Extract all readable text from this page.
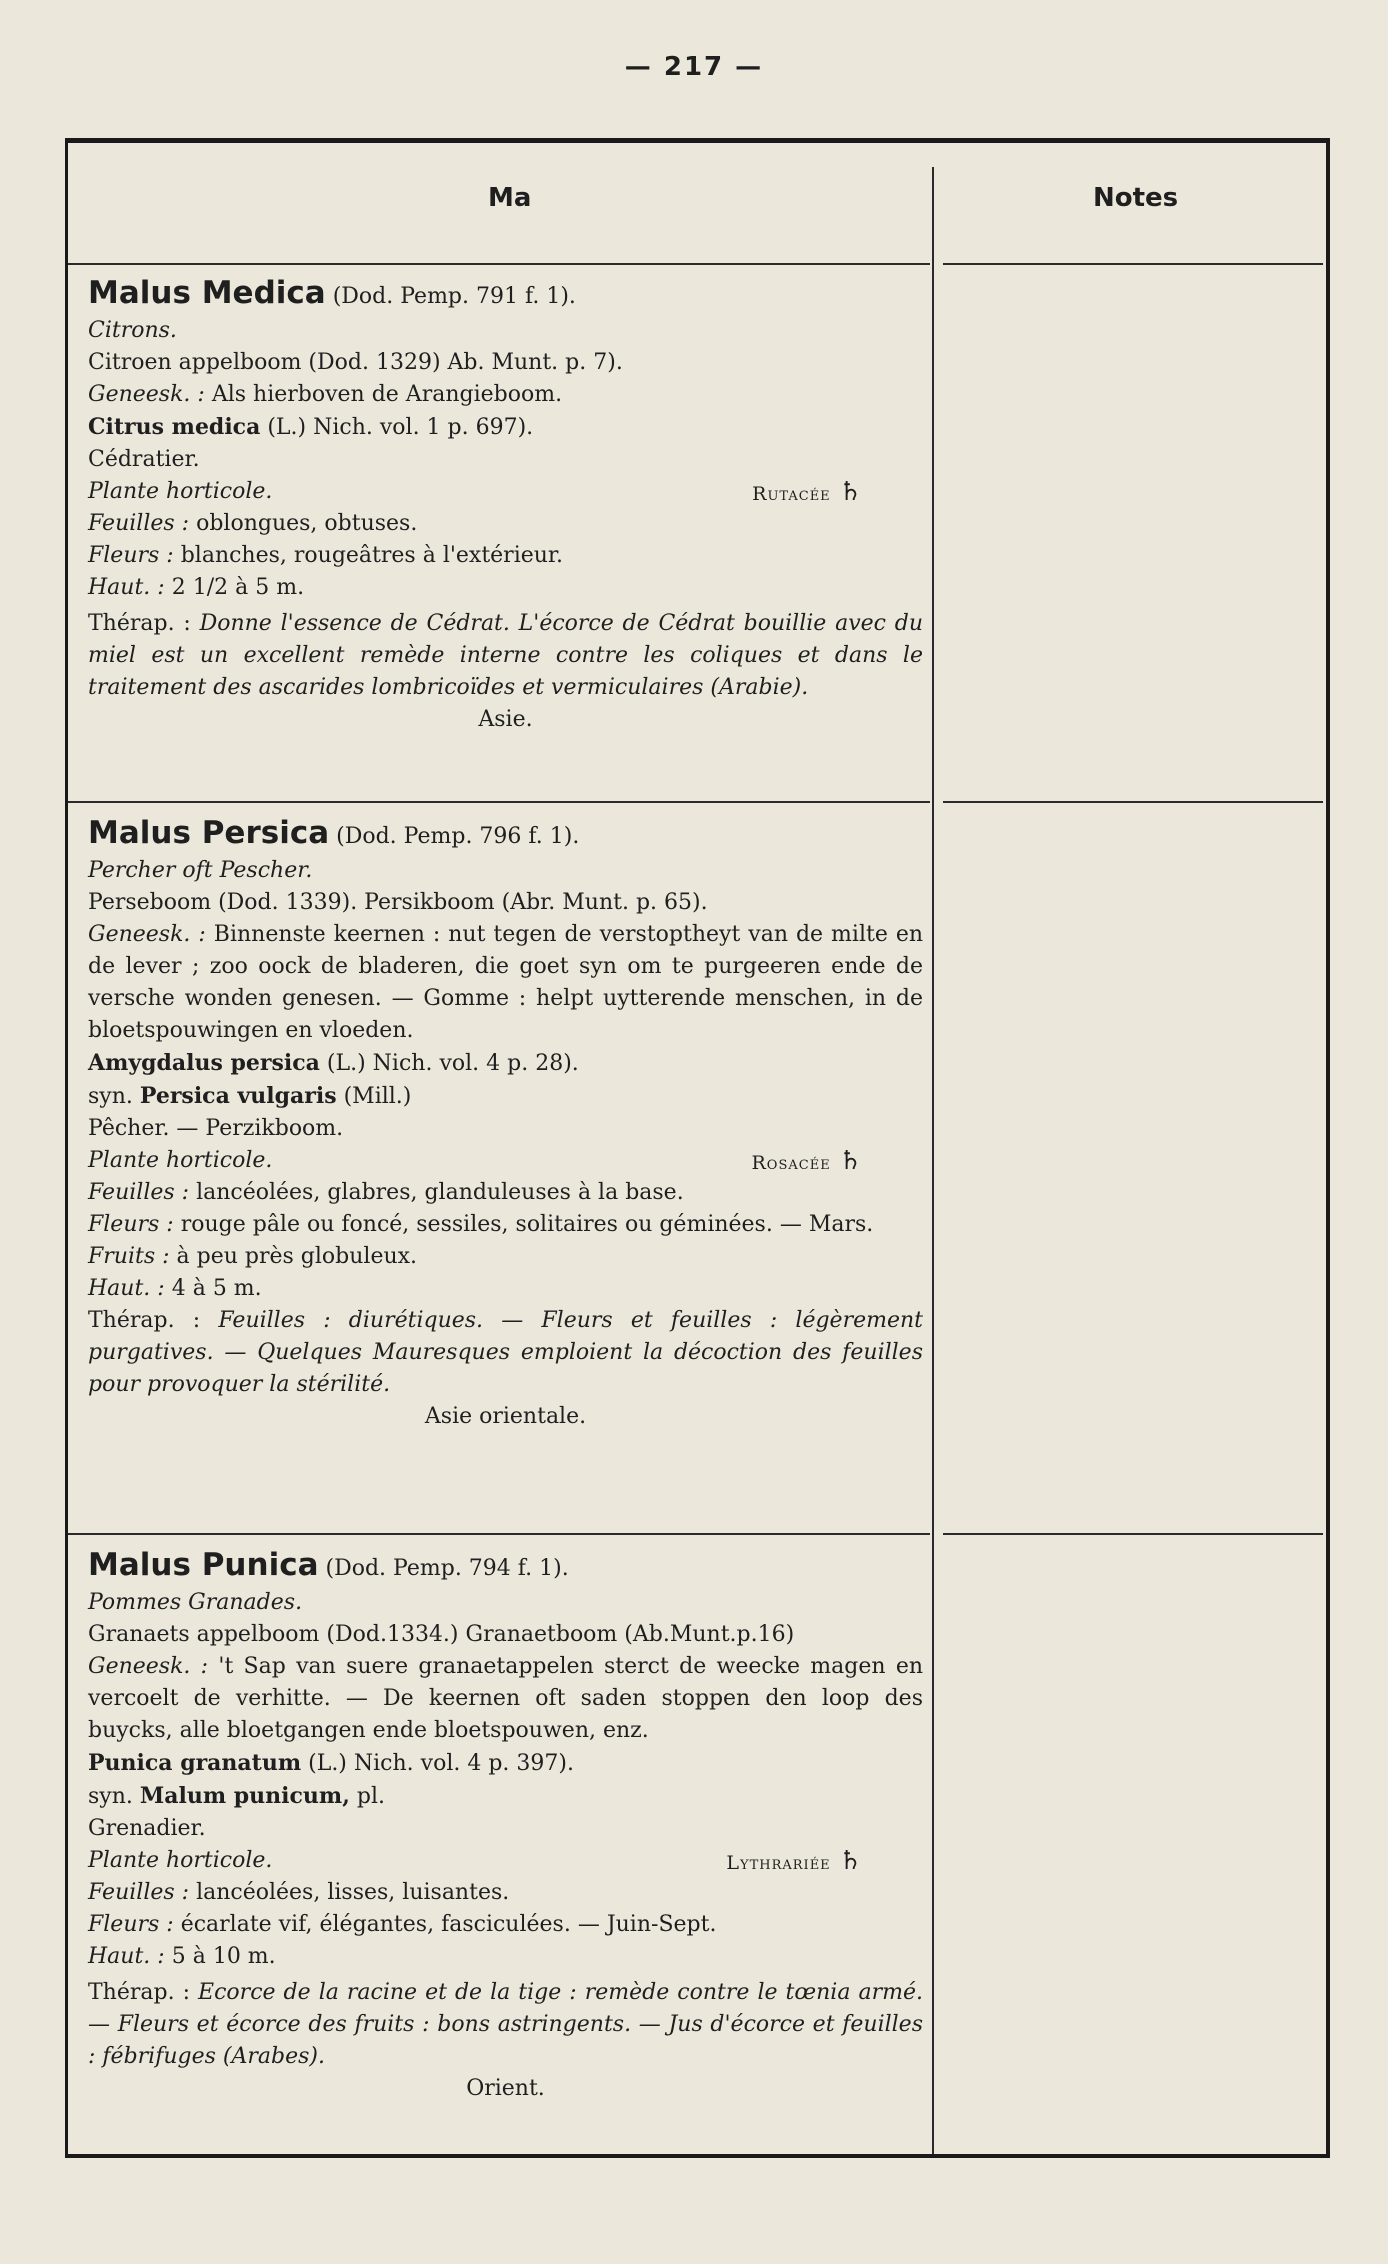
— 217 —
Ma	Notes
Malus Medica (Dod. Pemp. 791 f. 1).
Citrons.
Citroen appelboom (Dod. 1329) Ab. Munt. p. 7).
Geneesk. : Als hierboven de Arangieboom.
Citrus medica (L.) Nich. vol. 1 p. 697).
Cédratier.
Plante horticole.	Rutacée ♄
Feuilles : oblongues, obtuses.
Fleurs : blanches, rougeâtres à l'extérieur.
Haut. : 2 1/2 à 5 m.
Thérap. : Donne l'essence de Cédrat. L'écorce de Cédrat bouillie avec du miel est un excellent remède interne contre les coliques et dans le traitement des ascarides lombricoïdes et vermiculaires (Arabie).
Asie.
Malus Persica (Dod. Pemp. 796 f. 1).
Percher oft Pescher.
Perseboom (Dod. 1339). Persikboom (Abr. Munt. p. 65).
Geneesk. : Binnenste keernen : nut tegen de verstoptheyt van de milte en de lever ; zoo oock de bladeren, die goet syn om te purgeeren ende de versche wonden genesen. — Gomme : helpt uytterende menschen, in de bloetspouwingen en vloeden.
Amygdalus persica (L.) Nich. vol. 4 p. 28).
syn. Persica vulgaris (Mill.)
Pêcher. — Perzikboom.
Plante horticole.	Rosacée ♄
Feuilles : lancéolées, glabres, glanduleuses à la base.
Fleurs : rouge pâle ou foncé, sessiles, solitaires ou géminées. — Mars.
Fruits : à peu près globuleux.
Haut. : 4 à 5 m.
Thérap. : Feuilles : diurétiques. — Fleurs et feuilles : légèrement purgatives. — Quelques Mauresques emploient la décoction des feuilles pour provoquer la stérilité.
Asie orientale.
Malus Punica (Dod. Pemp. 794 f. 1).
Pommes Granades.
Granaets appelboom (Dod.1334.) Granaetboom (Ab.Munt.p.16)
Geneesk. : 't Sap van suere granaetappelen sterct de weecke magen en vercoelt de verhitte. — De keernen oft saden stoppen den loop des buycks, alle bloetgangen ende bloetspouwen, enz.
Punica granatum (L.) Nich. vol. 4 p. 397).
syn. Malum punicum, pl.
Grenadier.
Plante horticole.	Lythrariée ♄
Feuilles : lancéolées, lisses, luisantes.
Fleurs : écarlate vif, élégantes, fasciculées. — Juin-Sept.
Haut. : 5 à 10 m.
Thérap. : Ecorce de la racine et de la tige : remède contre le tœnia armé. — Fleurs et écorce des fruits : bons astringents. — Jus d'écorce et feuilles : fébrifuges (Arabes).
Orient.
